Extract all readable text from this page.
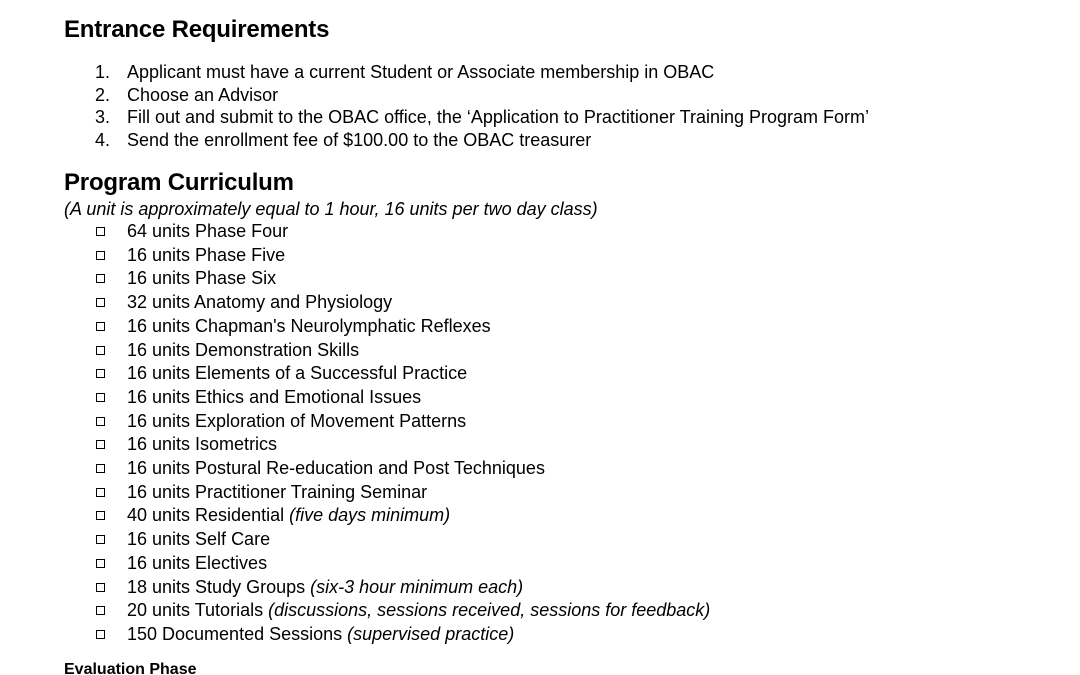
Entrance Requirements
1. Applicant must have a current Student or Associate membership in OBAC
2. Choose an Advisor
3. Fill out and submit to the OBAC office, the ‘Application to Practitioner Training Program Form’
4. Send the enrollment fee of $100.00 to the OBAC treasurer
Program Curriculum
(A unit is approximately equal to 1 hour, 16 units per two day class)
64 units Phase Four
16 units Phase Five
16 units Phase Six
32 units Anatomy and Physiology
16 units Chapman's Neurolymphatic Reflexes
16 units Demonstration Skills
16 units Elements of a Successful Practice
16 units Ethics and Emotional Issues
16 units Exploration of Movement Patterns
16 units Isometrics
16 units Postural Re-education and Post Techniques
16 units Practitioner Training Seminar
40 units Residential (five days minimum)
16 units Self Care
16 units Electives
18 units Study Groups (six-3 hour minimum each)
20 units Tutorials (discussions, sessions received, sessions for feedback)
150 Documented Sessions (supervised practice)
Evaluation Phase
